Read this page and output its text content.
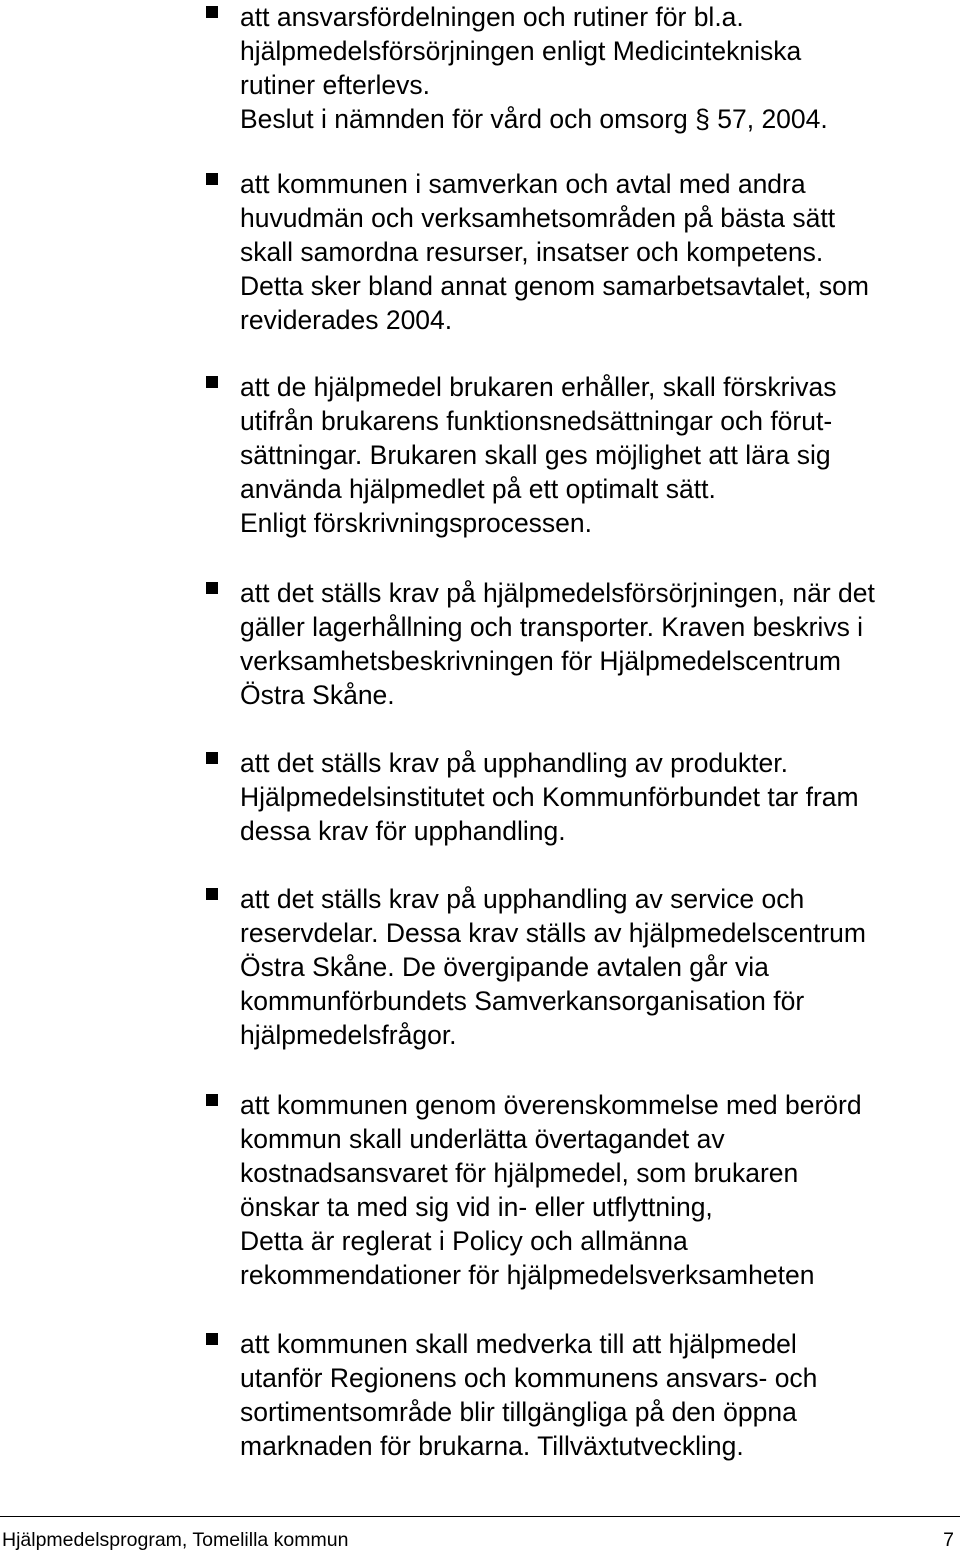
att ansvarsfördelningen och rutiner för bl.a.
hjälpmedelsförsörjningen enligt Medicintekniska
rutiner efterlevs.
Beslut i nämnden för vård och omsorg § 57, 2004.
att kommunen i samverkan och avtal med andra
huvudmän och verksamhetsområden på bästa sätt
skall samordna resurser, insatser och kompetens.
Detta sker bland annat genom samarbetsavtalet, som
reviderades 2004.
att de hjälpmedel brukaren erhåller, skall förskrivas
utifrån brukarens funktionsnedsättningar och förut-
sättningar. Brukaren skall ges möjlighet att lära sig
använda hjälpmedlet på ett optimalt sätt.
Enligt förskrivningsprocessen.
att det ställs krav på hjälpmedelsförsörjningen, när det
gäller lagerhållning och transporter. Kraven beskrivs i
verksamhetsbeskrivningen för Hjälpmedelscentrum
Östra Skåne.
att det ställs krav på upphandling av produkter.
Hjälpmedelsinstitutet och Kommunförbundet tar fram
dessa krav för upphandling.
att det ställs krav på upphandling av service och
reservdelar. Dessa krav ställs av hjälpmedelscentrum
Östra Skåne. De övergipande avtalen går via
kommunförbundets Samverkansorganisation för
hjälpmedelsfrågor.
att kommunen genom överenskommelse med berörd
kommun skall underlätta övertagandet av
kostnadsansvaret för hjälpmedel, som brukaren
önskar ta med sig vid in- eller utflyttning,
Detta är reglerat i Policy och allmänna
rekommendationer för hjälpmedelsverksamheten
att kommunen skall medverka till att hjälpmedel
utanför Regionens och kommunens ansvars- och
sortimentsområde blir tillgängliga på den öppna
marknaden för brukarna. Tillväxtutveckling.
Hjälpmedelsprogram, Tomelilla kommun	7
